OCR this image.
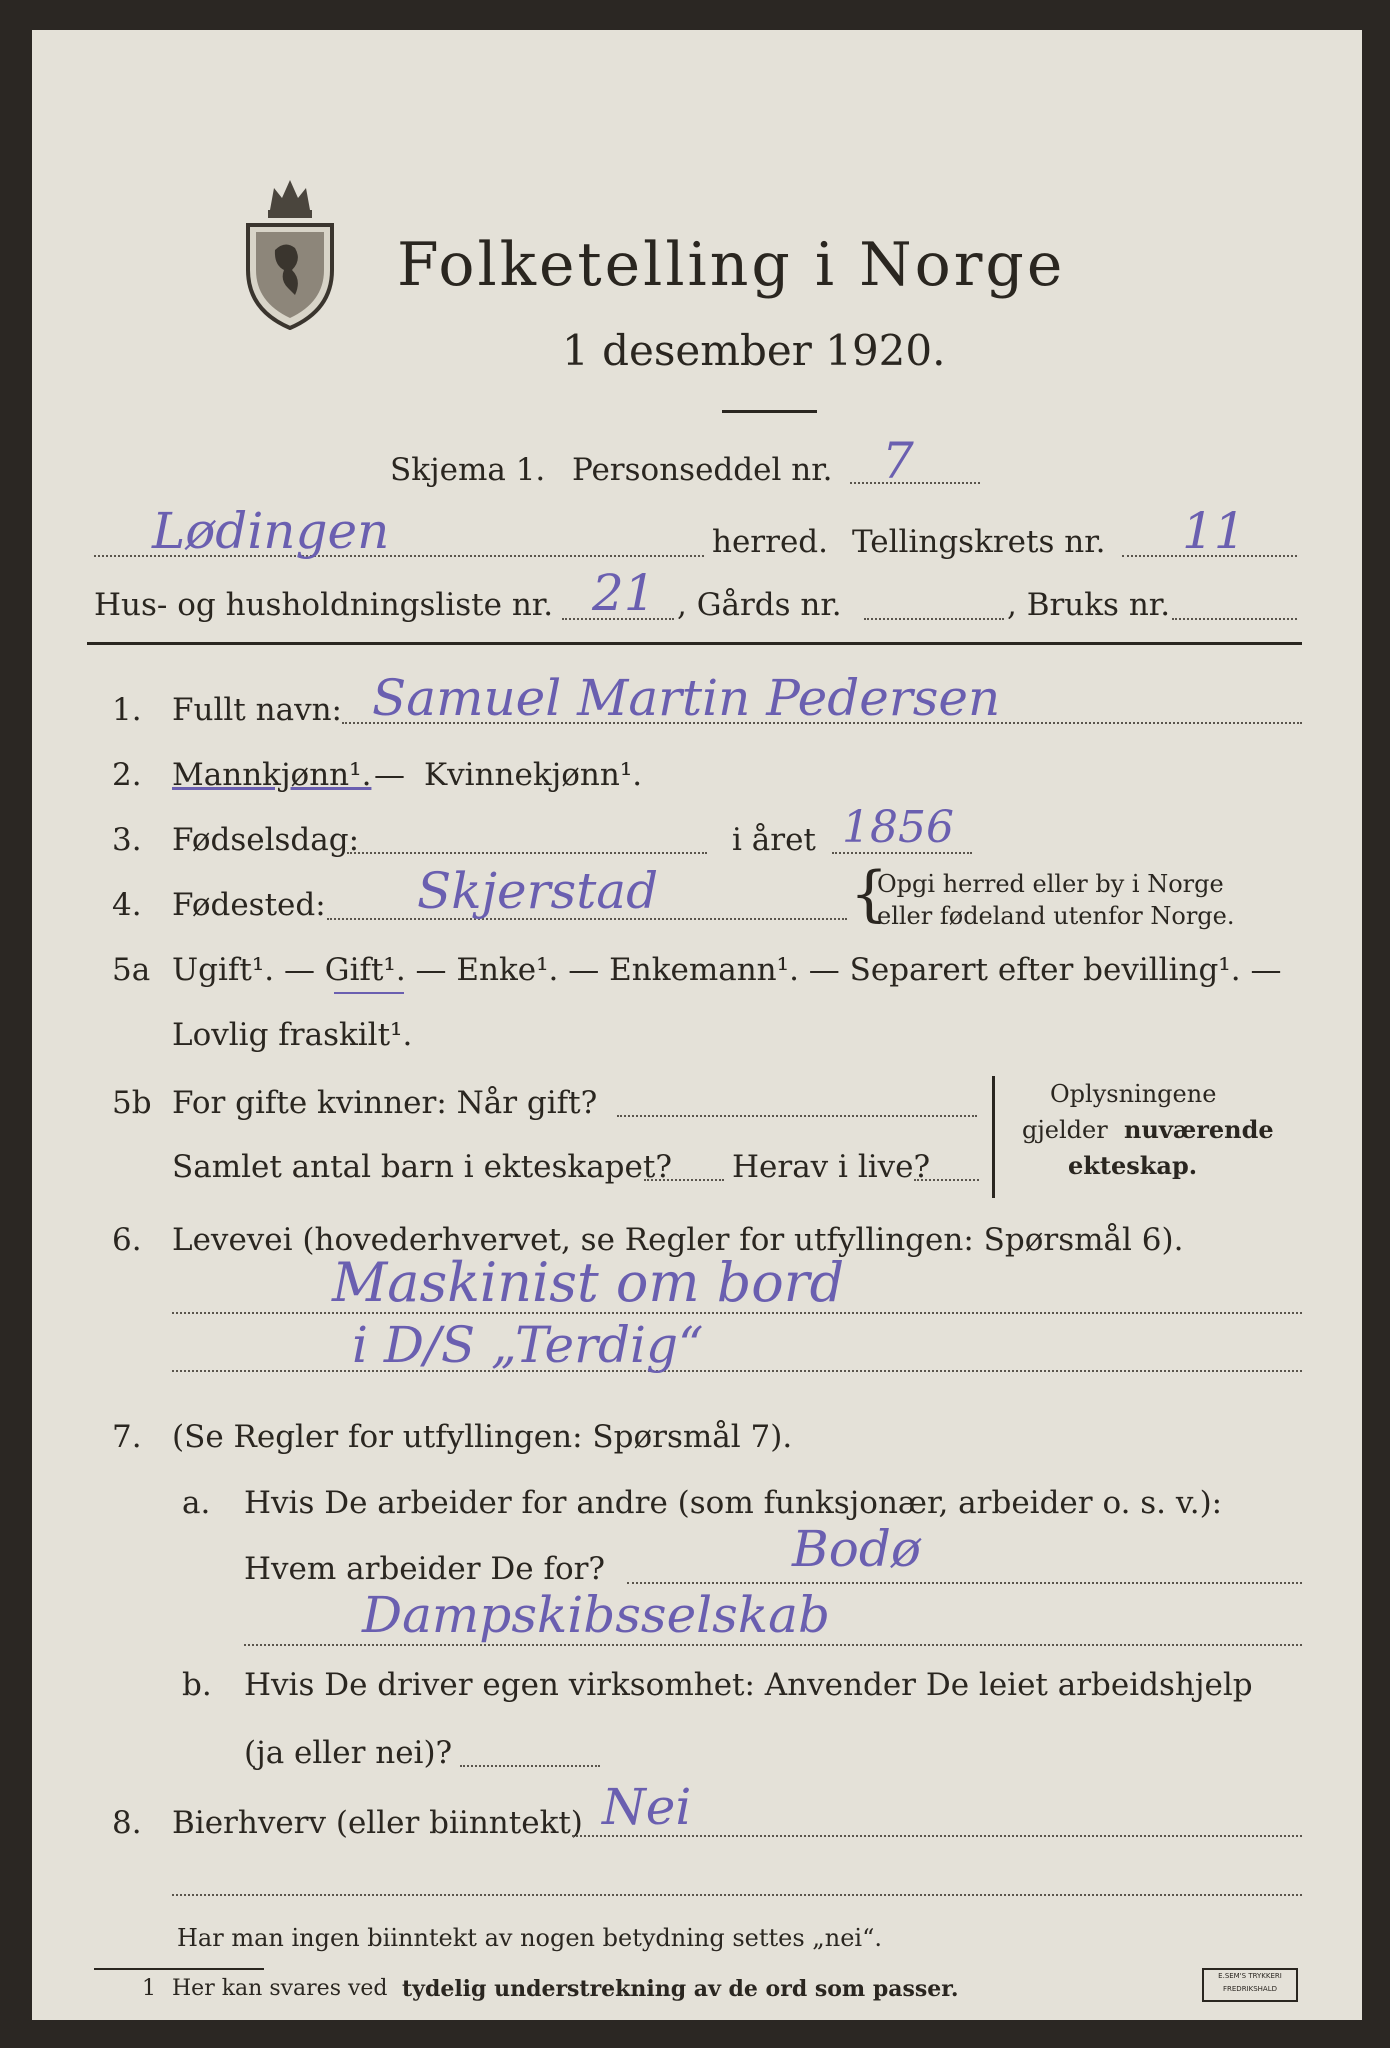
Folketelling i Norge
1 desember 1920.
Skjema 1. Personseddel nr. 7
Lødingen	herred. Tellingskrets nr. 11
Hus- og husholdningsliste nr. 21 , Gårds nr.	, Bruks nr.
1. Fullt navn: Samuel Martin Pedersen
2. Mannkjønn¹. — Kvinnekjønn¹.
3. Fødselsdag:	i året 1856
4. Fødested: Skjerstad	{
Opgi herred eller by i Norge
eller fødeland utenfor Norge.
5a Ugift¹. — Gift¹. — Enke¹. — Enkemann¹. — Separert efter bevilling¹. —
Lovlig fraskilt¹.
5b For gifte kvinner: Når gift?
Samlet antal barn i ekteskapet? Herav i live?
Oplysningene
gjelder nuværende
ekteskap.
6. Levevei (hovederhvervet, se Regler for utfyllingen: Spørsmål 6).
Maskinist om bord
i D/S „Terdig“
7. (Se Regler for utfyllingen: Spørsmål 7).
a. Hvis De arbeider for andre (som funksjonær, arbeider o. s. v.):
Hvem arbeider De for?	Bodø
Dampskibsselskab
b. Hvis De driver egen virksomhet: Anvender De leiet arbeidshjelp
(ja eller nei)?
8. Bierhverv (eller biinntekt) Nei
Har man ingen biinntekt av nogen betydning settes „nei“.
1 Her kan svares ved tydelig understrekning av de ord som passer.	E.SEM'S TRYKKERI
FREDRIKSHALD
